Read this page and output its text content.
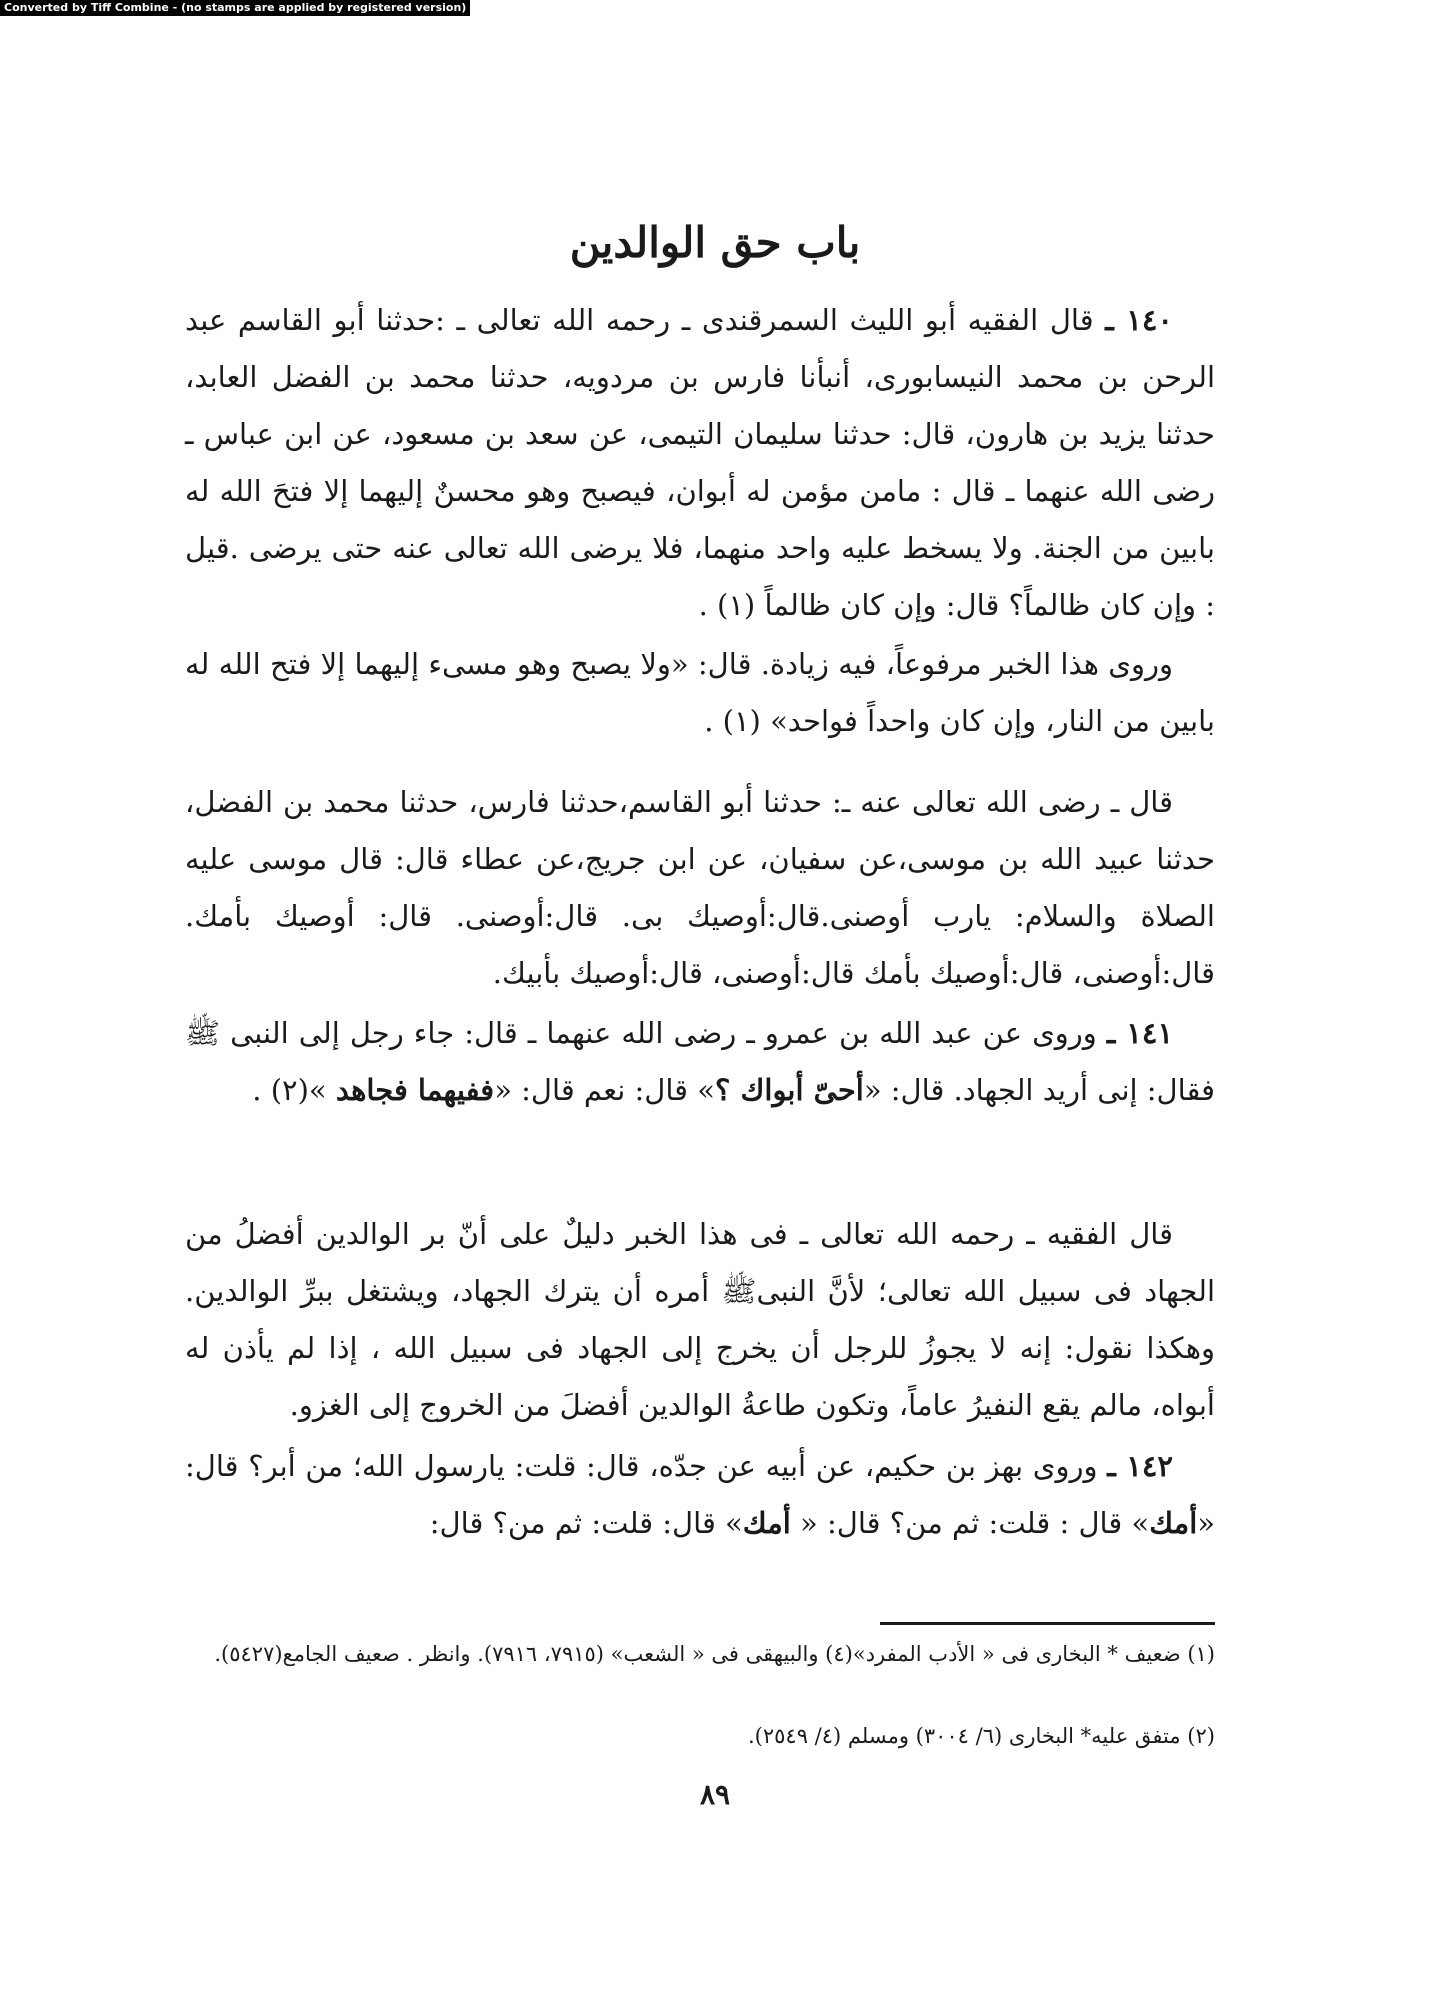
Converted by Tiff Combine - (no stamps are applied by registered version)
باب حق الوالدين

١٤٠ ـ قال الفقيه أبو الليث السمرقندى ـ رحمه الله تعالى ـ :حدثنا أبو القاسم عبد الرحن بن محمد النيسابورى، أنبأنا فارس بن مردويه، حدثنا محمد بن الفضل العابد، حدثنا يزيد بن هارون، قال: حدثنا سليمان التيمى، عن سعد بن مسعود، عن ابن عباس ـ رضى الله عنهما ـ قال : مامن مؤمن له أبوان، فيصبح وهو محسنٌ إليهما إلا فتحَ الله له بابين من الجنة. ولا يسخط عليه واحد منهما، فلا يرضى الله تعالى عنه حتى يرضى .قيل : وإن كان ظالماً؟ قال: وإن كان ظالماً (١) .

وروى هذا الخبر مرفوعاً، فيه زيادة. قال: «ولا يصبح وهو مسىء إليهما إلا فتح الله له بابين من النار، وإن كان واحداً فواحد» (١) .

قال ـ رضى الله تعالى عنه ـ: حدثنا أبو القاسم،حدثنا فارس، حدثنا محمد بن الفضل، حدثنا عبيد الله بن موسى،عن سفيان، عن ابن جريج،عن عطاء قال: قال موسى عليه الصلاة والسلام: يارب أوصنى.قال:أوصيك بى. قال:أوصنى. قال: أوصيك بأمك. قال:أوصنى، قال:أوصيك بأمك قال:أوصنى، قال:أوصيك بأبيك.

١٤١ ـ وروى عن عبد الله بن عمرو ـ رضى الله عنهما ـ قال: جاء رجل إلى النبى ﷺ فقال: إنى أريد الجهاد. قال: «أحىّ أبواك ؟» قال: نعم قال: «ففيهما فجاهد »(٢) .

قال الفقيه ـ رحمه الله تعالى ـ فى هذا الخبر دليلٌ على أنّ بر الوالدين أفضلُ من الجهاد فى سبيل الله تعالى؛ لأنَّ النبىﷺ أمره أن يترك الجهاد، ويشتغل ببرِّ الوالدين. وهكذا نقول: إنه لا يجوزُ للرجل أن يخرج إلى الجهاد فى سبيل الله ، إذا لم يأذن له أبواه، مالم يقع النفيرُ عاماً، وتكون طاعةُ الوالدين أفضلَ من الخروج إلى الغزو.

١٤٢ ـ وروى بهز بن حكيم، عن أبيه عن جدّه، قال: قلت: يارسول الله؛ من أبر؟ قال: «أمك» قال : قلت: ثم من؟ قال: « أمك» قال: قلت: ثم من؟ قال:

(١) ضعيف * البخارى فى « الأدب المفرد»(٤) والبيهقى فى « الشعب» (٧٩١٥، ٧٩١٦). وانظر . صعيف الجامع(٥٤٢٧).

(٢) متفق عليه* البخارى (٦/ ٣٠٠٤) ومسلم (٤/ ٢٥٤٩).

٨٩
